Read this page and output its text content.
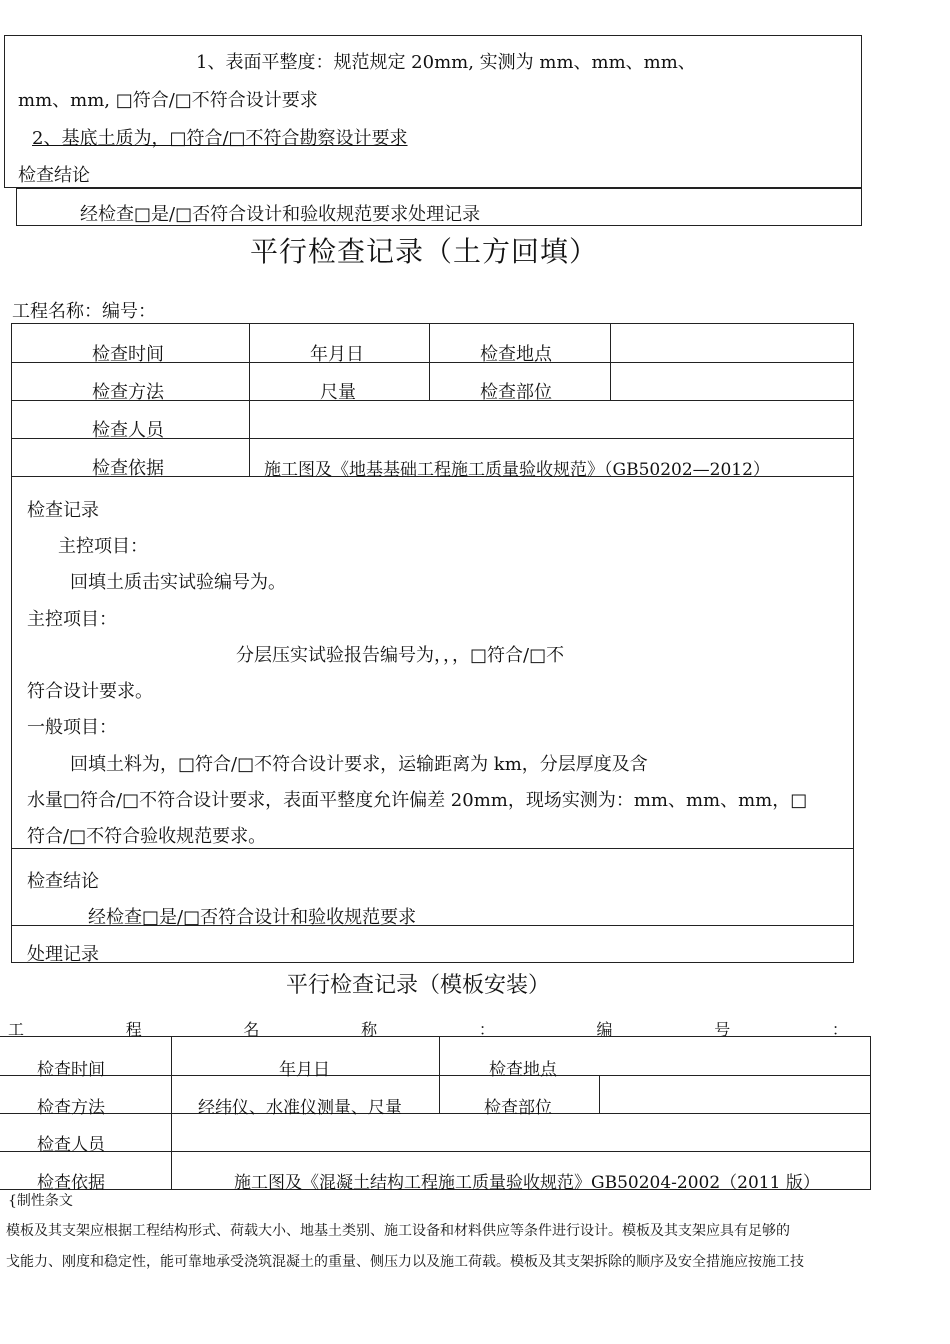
1、表面平整度：规范规定 20mm, 实测为 mm、mm、mm、
mm、mm, □符合/□不符合设计要求
2、基底土质为，□符合/□不符合勘察设计要求
检查结论
经检查□是/□否符合设计和验收规范要求处理记录
平行检查记录（土方回填）
工程名称：编号：
检查时间	年月日	检查地点
检查方法	尺量	检查部位
检查人员
检查依据	施工图及《地基基础工程施工质量验收规范》（GB50202—2012）
检查记录
主控项目：
回填土质击实试验编号为。
主控项目：
分层压实试验报告编号为，，，□符合/□不
符合设计要求。
一般项目：
回填土料为，□符合/□不符合设计要求，运输距离为 km，分层厚度及含
水量□符合/□不符合设计要求，表面平整度允许偏差 20mm，现场实测为：mm、mm、mm，□
符合/□不符合验收规范要求。
检查结论
经检查□是/□否符合设计和验收规范要求
处理记录
平行检查记录（模板安装）
工	程	名	称	：	编	号	：
检查时间	年月日	检查地点
检查方法	经纬仪、水准仪测量、尺量	检查部位
检查人员
检查依据	施工图及《混凝土结构工程施工质量验收规范》GB50204-2002（2011 版）
{制性条文
模板及其支架应根据工程结构形式、荷载大小、地基土类别、施工设备和材料供应等条件进行设计。模板及其支架应具有足够的
戈能力、刚度和稳定性，能可靠地承受浇筑混凝土的重量、侧压力以及施工荷载。模板及其支架拆除的顺序及安全措施应按施工技
